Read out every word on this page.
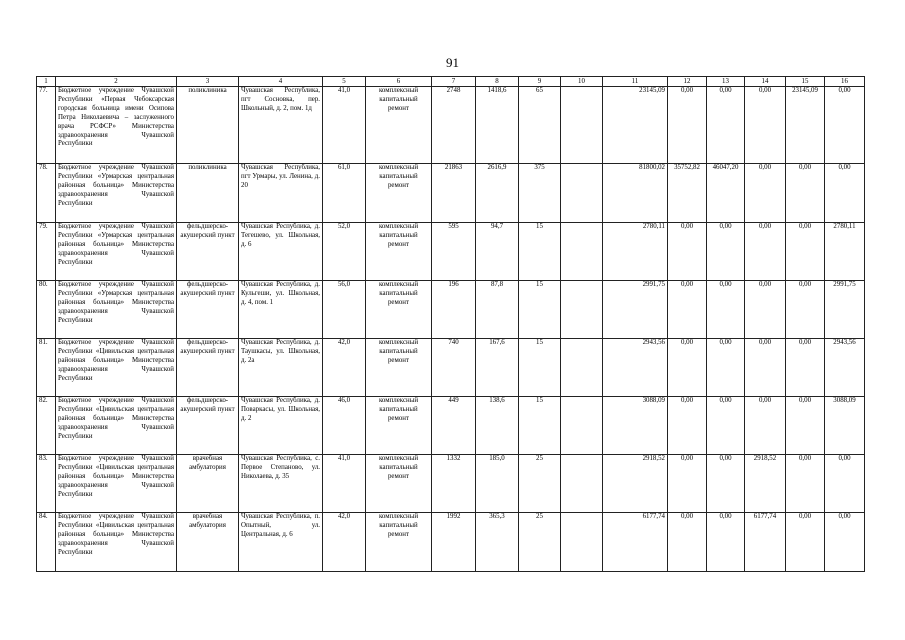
91
1	2	3	4	5	6	7	8	9	10	11	12	13	14	15	16
77.	Бюджетное учреждение Чувашской Республики «Первая Чебоксарская городская больница имени Осипова Петра Николаевича – заслуженного врача РСФСР» Министерства здравоохранения Чувашской Республики	поликлиника	Чувашская Республика, пгт Сосновка, пер. Школьный, д. 2, пом. 1д	41,0	комплексный капитальный ремонт	2748	1418,6	65		23145,09	0,00	0,00	0,00	23145,09	0,00
78.	Бюджетное учреждение Чувашской Республики «Урмарская центральная районная больница» Министерства здравоохранения Чувашской Республики	поликлиника	Чувашская Республика, пгт Урмары, ул. Ленина, д. 20	61,0	комплексный капитальный ремонт	21863	2616,9	375		81800,02	35752,82	46047,20	0,00	0,00	0,00
79.	Бюджетное учреждение Чувашской Республики «Урмарская центральная районная больница» Министерства здравоохранения Чувашской Республики	фельдшерско-акушерский пункт	Чувашская Республика, д. Тегешево, ул. Школьная, д. 6	52,0	комплексный капитальный ремонт	595	94,7	15		2780,11	0,00	0,00	0,00	0,00	2780,11
80.	Бюджетное учреждение Чувашской Республики «Урмарская центральная районная больница» Министерства здравоохранения Чувашской Республики	фельдшерско-акушерский пункт	Чувашская Республика, д. Кульгеши, ул. Школьная, д. 4, пом. 1	56,0	комплексный капитальный ремонт	196	87,8	15		2991,75	0,00	0,00	0,00	0,00	2991,75
81.	Бюджетное учреждение Чувашской Республики «Цивильская центральная районная больница» Министерства здравоохранения Чувашской Республики	фельдшерско-акушерский пункт	Чувашская Республика, д. Таушкасы, ул. Школьная, д. 2а	42,0	комплексный капитальный ремонт	740	167,6	15		2943,56	0,00	0,00	0,00	0,00	2943,56
82.	Бюджетное учреждение Чувашской Республики «Цивильская центральная районная больница» Министерства здравоохранения Чувашской Республики	фельдшерско-акушерский пункт	Чувашская Республика, д. Поваркасы, ул. Школьная, д. 2	46,0	комплексный капитальный ремонт	449	138,6	15		3088,09	0,00	0,00	0,00	0,00	3088,09
83.	Бюджетное учреждение Чувашской Республики «Цивильская центральная районная больница» Министерства здравоохранения Чувашской Республики	врачебная амбулатория	Чувашская Республика, с. Первое Степаново, ул. Николаева, д. 35	41,0	комплексный капитальный ремонт	1332	185,0	25		2918,52	0,00	0,00	2918,52	0,00	0,00
84.	Бюджетное учреждение Чувашской Республики «Цивильская центральная районная больница» Министерства здравоохранения Чувашской Республики	врачебная амбулатория	Чувашская Республика, п. Опытный, ул. Центральная, д. 6	42,0	комплексный капитальный ремонт	1992	365,3	25		6177,74	0,00	0,00	6177,74	0,00	0,00
